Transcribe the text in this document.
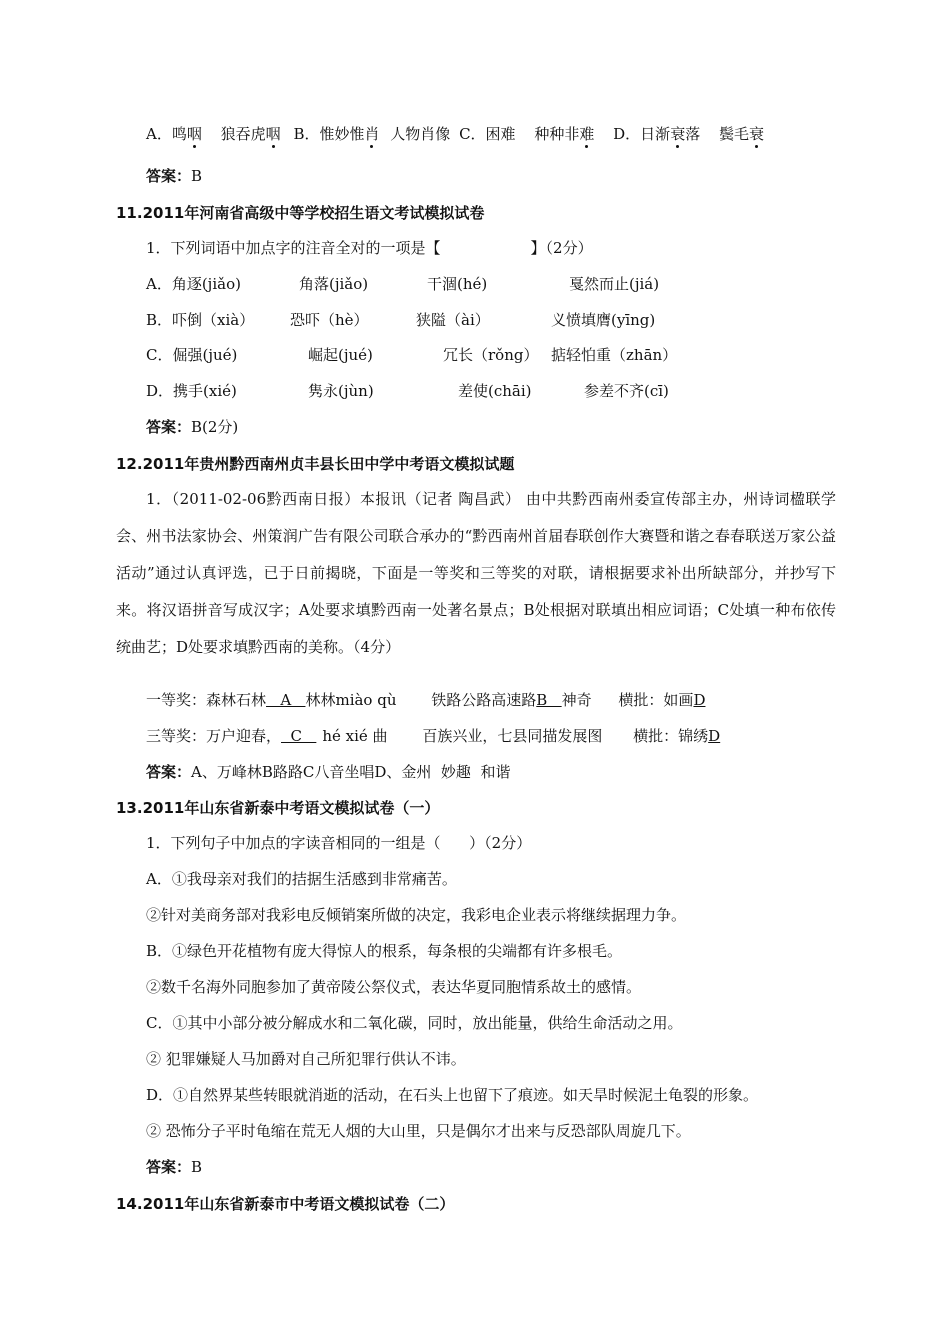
A．鸣咽 狼吞虎咽 B．惟妙惟肖 人物肖像 C．困难 种种非难 D．日渐衰落 鬓毛衰
答案：B
11.2011年河南省高级中等学校招生语文考试模拟试卷
1．下列词语中加点字的注音全对的一项是【	】（2分）
A．角逐(jiǎo)	角落(jiǎo)	干涸(hé)	戛然而止(jiá)
B．吓倒（xià） 恐吓（hè）	狭隘（ài）	义愤填膺(yīng)
C．倔强(jué)	崛起(jué)	冗长（rǒng） 掂轻怕重（zhān）
D．携手(xié)	隽永(jùn)	差使(chāi)	参差不齐(cī)
答案：B(2分)
12.2011年贵州黔西南州贞丰县长田中学中考语文模拟试题
1．（2011-02-06黔西南日报）本报讯（记者 陶昌武） 由中共黔西南州委宣传部主办，州诗词楹联学会、州书法家协会、州策润广告有限公司联合承办的“黔西南州首届春联创作大赛暨和谐之春春联送万家公益活动”通过认真评选，已于日前揭晓，下面是一等奖和三等奖的对联，请根据要求补出所缺部分，并抄写下来。将汉语拼音写成汉字；A处要求填黔西南一处著名景点；B处根据对联填出相应词语；C处填一种布依传统曲艺；D处要求填黔西南的美称。（4分）
一等奖：森林石林   A   林林miào qù 铁路公路高速路B   神奇 横批：如画D
三等奖：万户迎春，  C   hé xié 曲 百族兴业，七县同描发展图 横批：锦绣D
答案：A、万峰林B路路C八音坐唱D、金州  妙趣  和谐
13.2011年山东省新泰中考语文模拟试卷（一）
1．下列句子中加点的字读音相同的一组是（      ）（2分）
A．①我母亲对我们的拮据生活感到非常痛苦。
②针对美商务部对我彩电反倾销案所做的决定，我彩电企业表示将继续据理力争。
B．①绿色开花植物有庞大得惊人的根系，每条根的尖端都有许多根毛。
②数千名海外同胞参加了黄帝陵公祭仪式，表达华夏同胞情系故土的感情。
C．①其中小部分被分解成水和二氧化碳，同时，放出能量，供给生命活动之用。
② 犯罪嫌疑人马加爵对自己所犯罪行供认不讳。
D．①自然界某些转眼就消逝的活动，在石头上也留下了痕迹。如天旱时候泥土龟裂的形象。
② 恐怖分子平时龟缩在荒无人烟的大山里，只是偶尔才出来与反恐部队周旋几下。
答案：B
14.2011年山东省新泰市中考语文模拟试卷（二）
